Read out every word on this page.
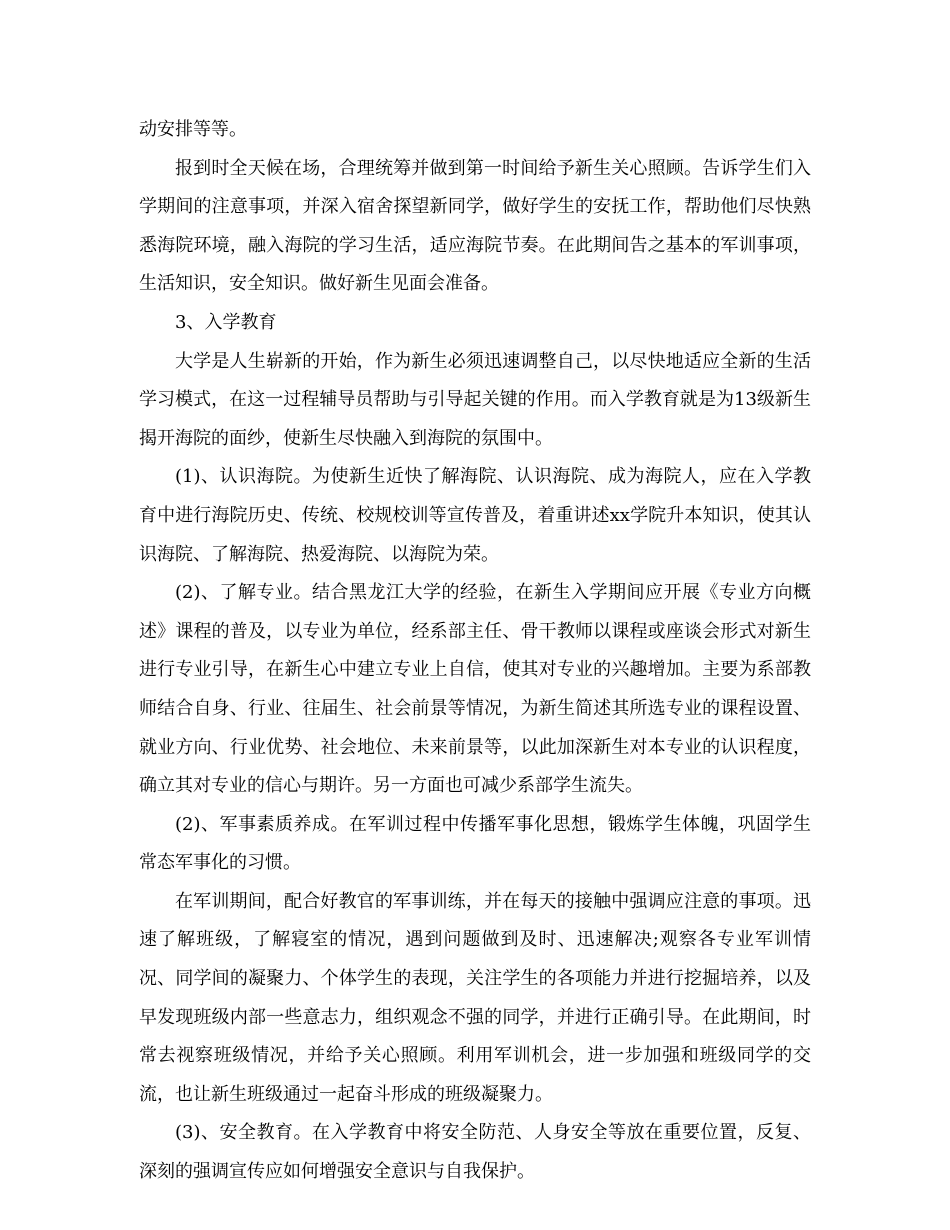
动安排等等。

报到时全天候在场，合理统筹并做到第一时间给予新生关心照顾。告诉学生们入学期间的注意事项，并深入宿舍探望新同学，做好学生的安抚工作，帮助他们尽快熟悉海院环境，融入海院的学习生活，适应海院节奏。在此期间告之基本的军训事项，生活知识，安全知识。做好新生见面会准备。

3、入学教育

大学是人生崭新的开始，作为新生必须迅速调整自己，以尽快地适应全新的生活学习模式，在这一过程辅导员帮助与引导起关键的作用。而入学教育就是为13级新生揭开海院的面纱，使新生尽快融入到海院的氛围中。

(1)、认识海院。为使新生近快了解海院、认识海院、成为海院人，应在入学教育中进行海院历史、传统、校规校训等宣传普及，着重讲述xx学院升本知识，使其认识海院、了解海院、热爱海院、以海院为荣。

(2)、了解专业。结合黑龙江大学的经验，在新生入学期间应开展《专业方向概述》课程的普及，以专业为单位，经系部主任、骨干教师以课程或座谈会形式对新生进行专业引导，在新生心中建立专业上自信，使其对专业的兴趣增加。主要为系部教师结合自身、行业、往届生、社会前景等情况，为新生简述其所选专业的课程设置、就业方向、行业优势、社会地位、未来前景等，以此加深新生对本专业的认识程度，确立其对专业的信心与期许。另一方面也可减少系部学生流失。

(2)、军事素质养成。在军训过程中传播军事化思想，锻炼学生体魄，巩固学生常态军事化的习惯。

在军训期间，配合好教官的军事训练，并在每天的接触中强调应注意的事项。迅速了解班级，了解寝室的情况，遇到问题做到及时、迅速解决;观察各专业军训情况、同学间的凝聚力、个体学生的表现，关注学生的各项能力并进行挖掘培养，以及早发现班级内部一些意志力，组织观念不强的同学，并进行正确引导。在此期间，时常去视察班级情况，并给予关心照顾。利用军训机会，进一步加强和班级同学的交流，也让新生班级通过一起奋斗形成的班级凝聚力。

(3)、安全教育。在入学教育中将安全防范、人身安全等放在重要位置，反复、深刻的强调宣传应如何增强安全意识与自我保护。
